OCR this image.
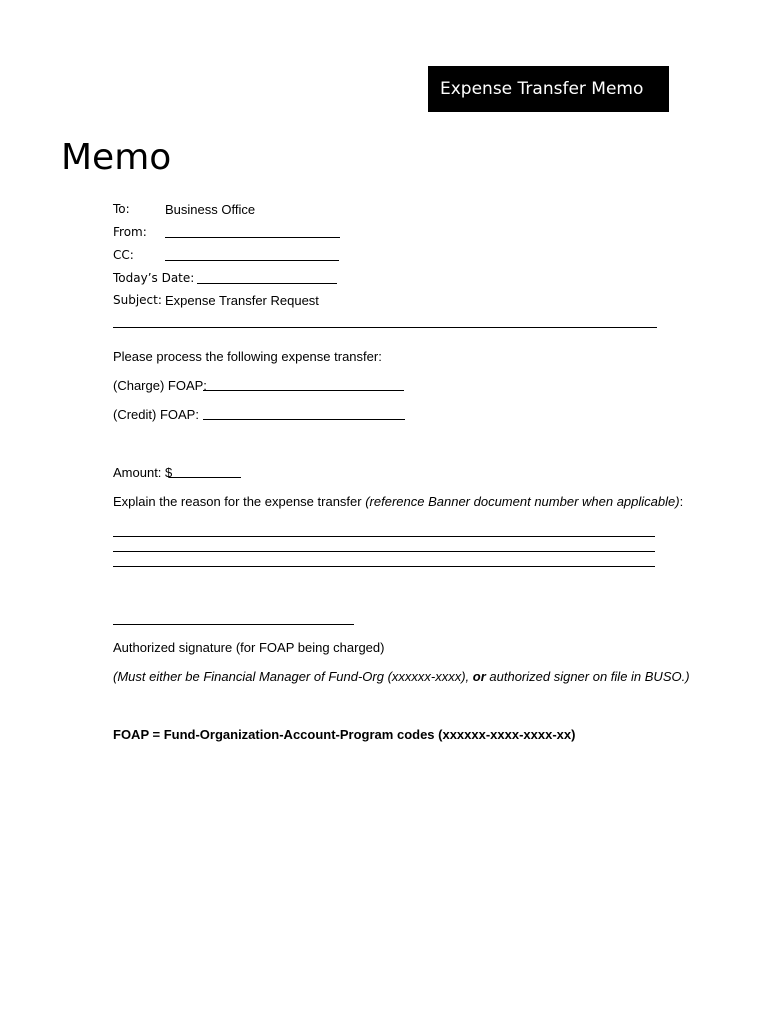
Expense Transfer Memo
Memo
To:	Business Office
From:
CC:
Today’s Date:
Subject: Expense Transfer Request
Please process the following expense transfer:
(Charge) FOAP:
(Credit) FOAP:
Amount: $
Explain the reason for the expense transfer (reference Banner document number when applicable):
Authorized signature (for FOAP being charged)
(Must either be Financial Manager of Fund-Org (xxxxxx-xxxx), or authorized signer on file in BUSO.)
FOAP = Fund-Organization-Account-Program codes (xxxxxx-xxxx-xxxx-xx)
